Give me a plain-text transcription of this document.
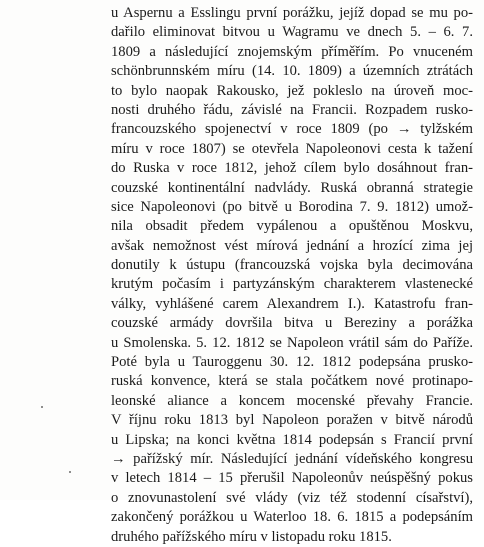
u Aspernu a Esslingu první porážku, jejíž dopad se mu po-
dařilo eliminovat bitvou u Wagramu ve dnech 5. – 6. 7.
1809 a následující znojemským příměřím. Po vnuceném
schönbrunnském míru (14. 10. 1809) a územních ztrátách
to bylo naopak Rakousko, jež pokleslo na úroveň moc-
nosti druhého řádu, závislé na Francii. Rozpadem rusko-
francouzského spojenectví v roce 1809 (po → tylžském
míru v roce 1807) se otevřela Napoleonovi cesta k tažení
do Ruska v roce 1812, jehož cílem bylo dosáhnout fran-
couzské kontinentální nadvlády. Ruská obranná strategie
sice Napoleonovi (po bitvě u Borodina 7. 9. 1812) umož-
nila obsadit předem vypálenou a opuštěnou Moskvu,
avšak nemožnost vést mírová jednání a hrozící zima jej
donutily k ústupu (francouzská vojska byla decimována
krutým počasím i partyzánským charakterem vlastenecké
války, vyhlášené carem Alexandrem I.). Katastrofu fran-
couzské armády dovršila bitva u Bereziny a porážka
u Smolenska. 5. 12. 1812 se Napoleon vrátil sám do Paříže.
Poté byla u Tauroggenu 30. 12. 1812 podepsána prusko-
ruská konvence, která se stala počátkem nové protinapo-
leonské aliance a koncem mocenské převahy Francie.
V říjnu roku 1813 byl Napoleon poražen v bitvě národů
u Lipska; na konci května 1814 podepsán s Francií první
→ pařížský mír. Následující jednání vídeňského kongresu
v letech 1814 – 15 přerušil Napoleonův neúspěšný pokus
o znovunastolení své vlády (viz též stodenní císařství),
zakončený porážkou u Waterloo 18. 6. 1815 a podepsáním
druhého pařížského míru v listopadu roku 1815.
